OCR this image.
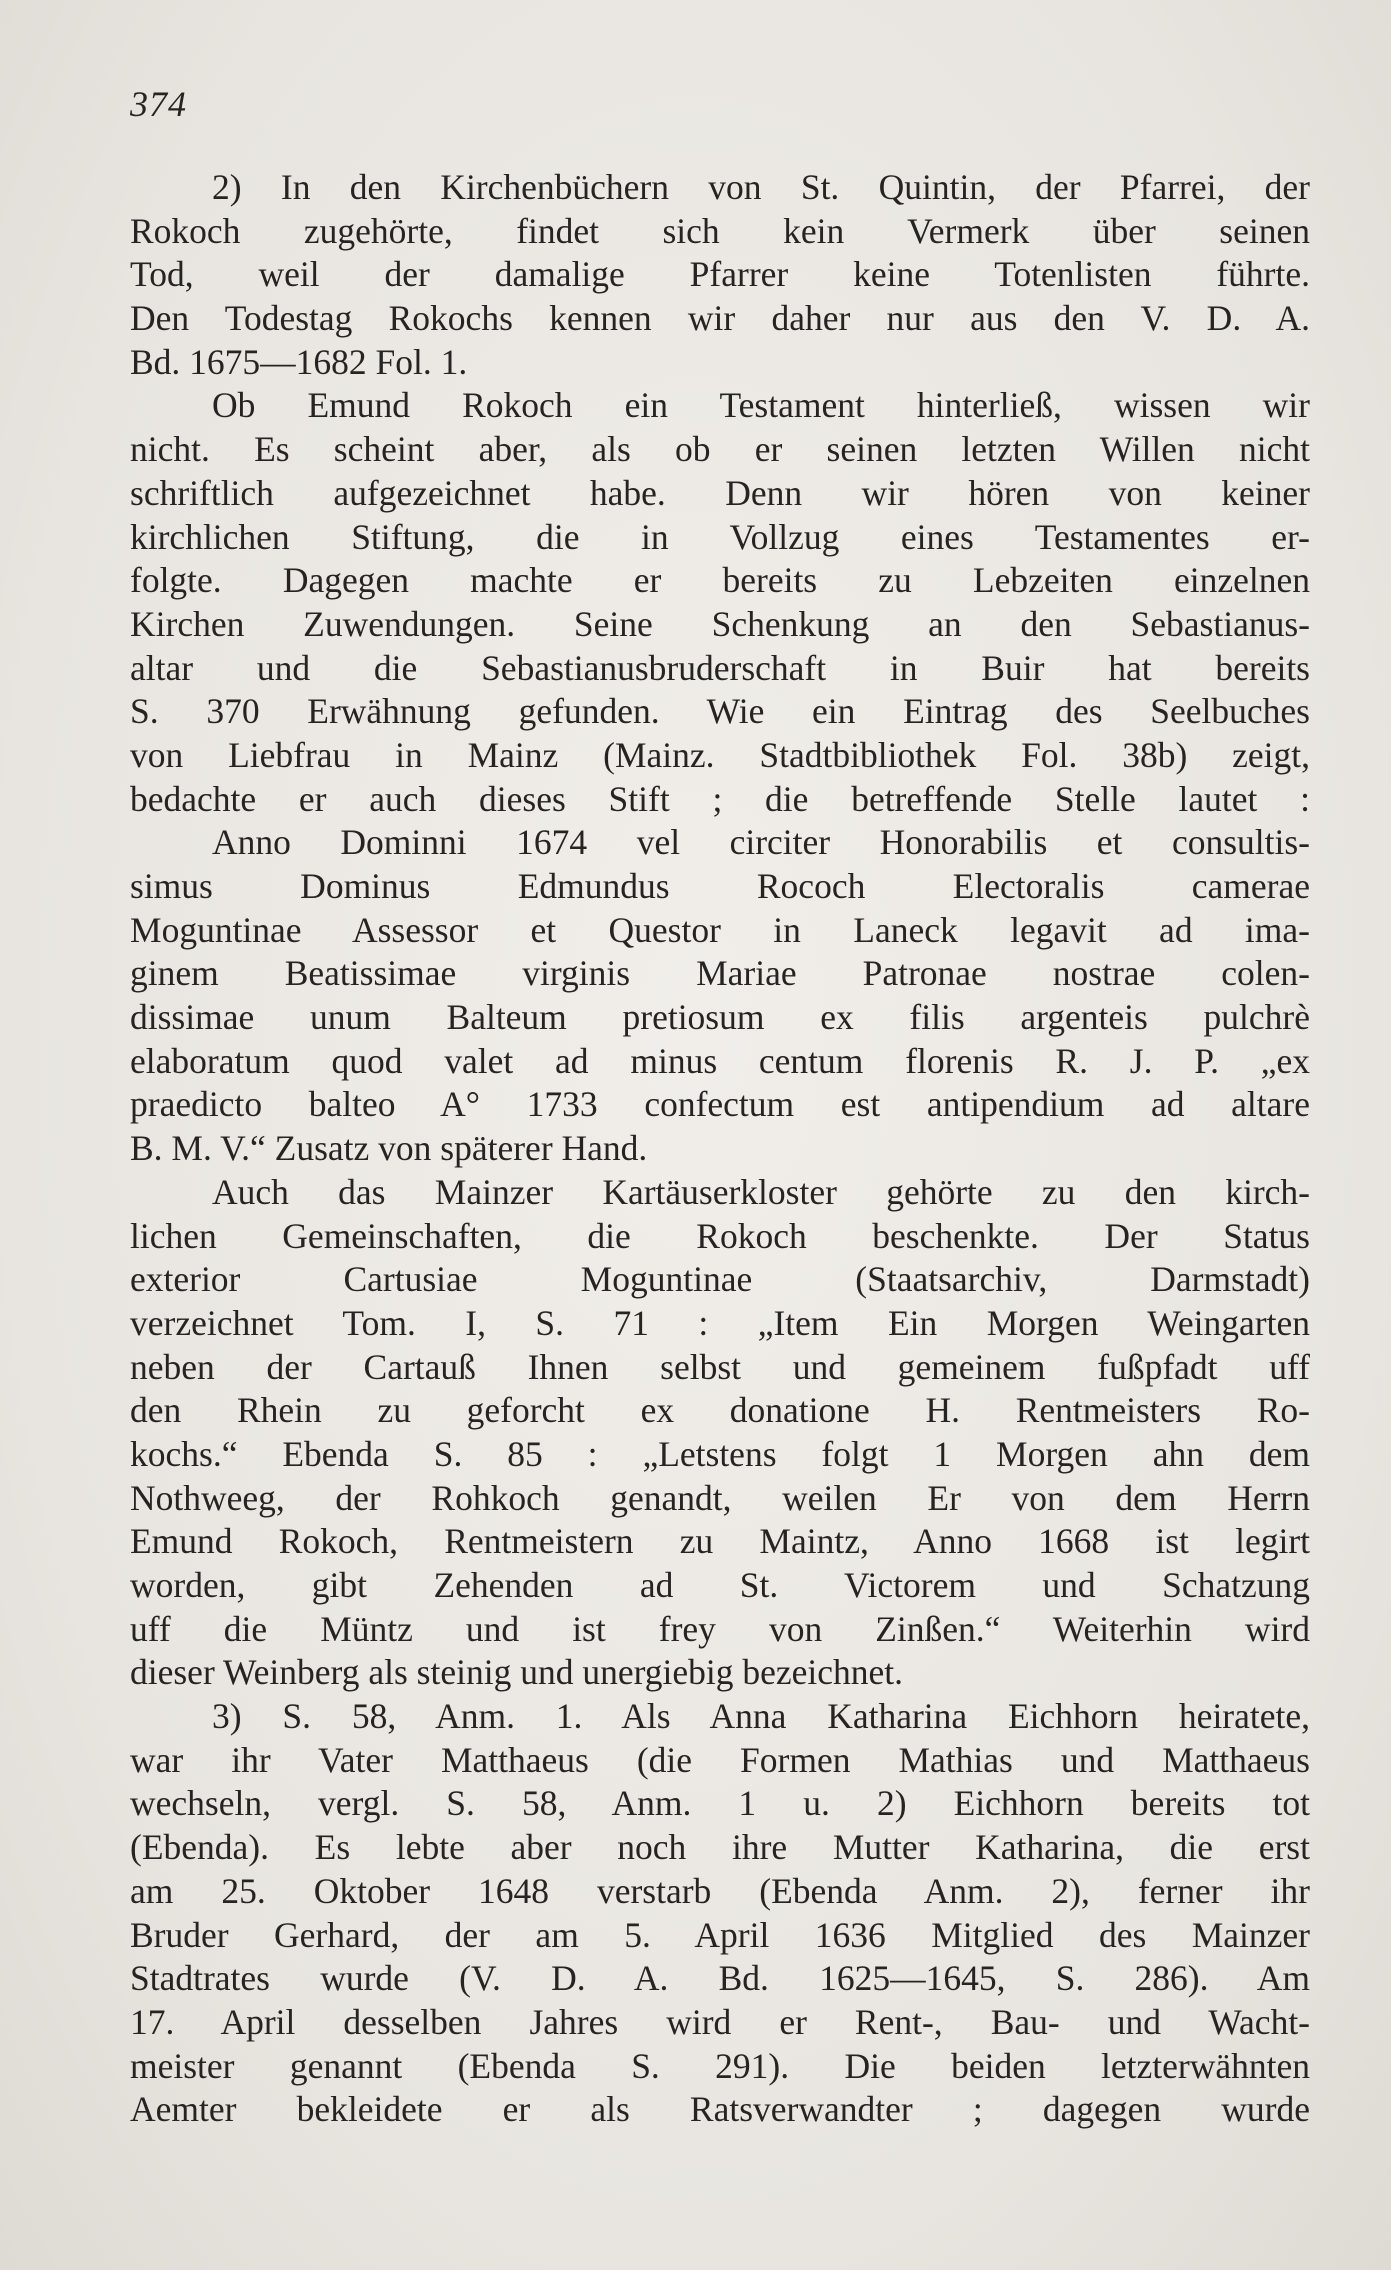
374
2) In den Kirchenbüchern von St. Quintin, der Pfarrei, der
Rokoch zugehörte, findet sich kein Vermerk über seinen
Tod, weil der damalige Pfarrer keine Totenlisten führte.
Den Todestag Rokochs kennen wir daher nur aus den V. D. A.
Bd. 1675—1682 Fol. 1.
Ob Emund Rokoch ein Testament hinterließ, wissen wir
nicht. Es scheint aber, als ob er seinen letzten Willen nicht
schriftlich aufgezeichnet habe. Denn wir hören von keiner
kirchlichen Stiftung, die in Vollzug eines Testamentes er-
folgte. Dagegen machte er bereits zu Lebzeiten einzelnen
Kirchen Zuwendungen. Seine Schenkung an den Sebastianus-
altar und die Sebastianusbruderschaft in Buir hat bereits
S. 370 Erwähnung gefunden. Wie ein Eintrag des Seelbuches
von Liebfrau in Mainz (Mainz. Stadtbibliothek Fol. 38b) zeigt,
bedachte er auch dieses Stift ; die betreffende Stelle lautet :
Anno Dominni 1674 vel circiter Honorabilis et consultis-
simus Dominus Edmundus Rococh Electoralis camerae
Moguntinae Assessor et Questor in Laneck legavit ad ima-
ginem Beatissimae virginis Mariae Patronae nostrae colen-
dissimae unum Balteum pretiosum ex filis argenteis pulchrè
elaboratum quod valet ad minus centum florenis R. J. P. „ex
praedicto balteo A° 1733 confectum est antipendium ad altare
B. M. V.“ Zusatz von späterer Hand.
Auch das Mainzer Kartäuserkloster gehörte zu den kirch-
lichen Gemeinschaften, die Rokoch beschenkte. Der Status
exterior Cartusiae Moguntinae (Staatsarchiv, Darmstadt)
verzeichnet Tom. I, S. 71 : „Item Ein Morgen Weingarten
neben der Cartauß Ihnen selbst und gemeinem fußpfadt uff
den Rhein zu geforcht ex donatione H. Rentmeisters Ro-
kochs.“ Ebenda S. 85 : „Letstens folgt 1 Morgen ahn dem
Nothweeg, der Rohkoch genandt, weilen Er von dem Herrn
Emund Rokoch, Rentmeistern zu Maintz, Anno 1668 ist legirt
worden, gibt Zehenden ad St. Victorem und Schatzung
uff die Müntz und ist frey von Zinßen.“ Weiterhin wird
dieser Weinberg als steinig und unergiebig bezeichnet.
3) S. 58, Anm. 1. Als Anna Katharina Eichhorn heiratete,
war ihr Vater Matthaeus (die Formen Mathias und Matthaeus
wechseln, vergl. S. 58, Anm. 1 u. 2) Eichhorn bereits tot
(Ebenda). Es lebte aber noch ihre Mutter Katharina, die erst
am 25. Oktober 1648 verstarb (Ebenda Anm. 2), ferner ihr
Bruder Gerhard, der am 5. April 1636 Mitglied des Mainzer
Stadtrates wurde (V. D. A. Bd. 1625—1645, S. 286). Am
17. April desselben Jahres wird er Rent-, Bau- und Wacht-
meister genannt (Ebenda S. 291). Die beiden letzterwähnten
Aemter bekleidete er als Ratsverwandter ; dagegen wurde
